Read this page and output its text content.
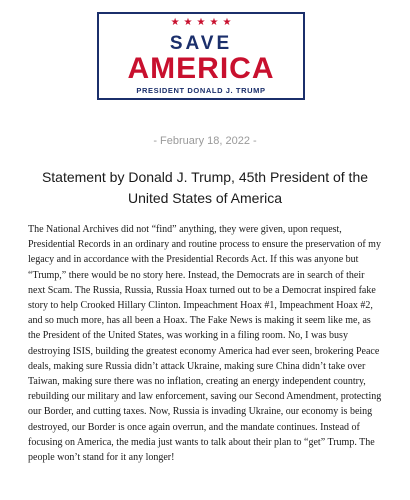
★★★★★
SAVE
AMERICA
PRESIDENT DONALD J. TRUMP
- February 18, 2022 -
Statement by Donald J. Trump, 45th President of the United States of America

The National Archives did not “find” anything, they were given, upon request, Presidential Records in an ordinary and routine process to ensure the preservation of my legacy and in accordance with the Presidential Records Act. If this was anyone but “Trump,” there would be no story here. Instead, the Democrats are in search of their next Scam. The Russia, Russia, Russia Hoax turned out to be a Democrat inspired fake story to help Crooked Hillary Clinton. Impeachment Hoax #1, Impeachment Hoax #2, and so much more, has all been a Hoax. The Fake News is making it seem like me, as the President of the United States, was working in a filing room. No, I was busy destroying ISIS, building the greatest economy America had ever seen, brokering Peace deals, making sure Russia didn’t attack Ukraine, making sure China didn’t take over Taiwan, making sure there was no inflation, creating an energy independent country, rebuilding our military and law enforcement, saving our Second Amendment, protecting our Border, and cutting taxes. Now, Russia is invading Ukraine, our economy is being destroyed, our Border is once again overrun, and the mandate continues. Instead of focusing on America, the media just wants to talk about their plan to “get” Trump. The people won’t stand for it any longer!
